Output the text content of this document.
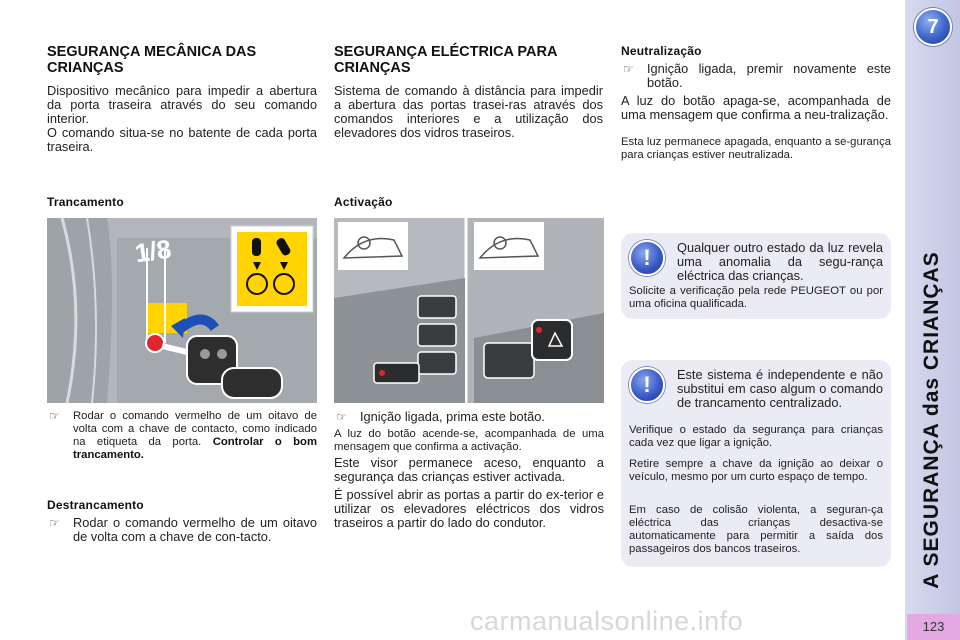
7
A SEGURANÇA das CRIANÇAS
123
SEGURANÇA MECÂNICA DAS CRIANÇAS
Dispositivo mecânico para impedir a abertura da porta traseira através do seu comando interior.
O comando situa-se no batente de cada porta traseira.
Trancamento
1/8
☞ Rodar o comando vermelho de um oitavo de volta com a chave de contacto, como indicado na etiqueta da porta. Controlar o bom trancamento.
Destrancamento
☞ Rodar o comando vermelho de um oitavo de volta com a chave de con-tacto.
SEGURANÇA ELÉCTRICA PARA CRIANÇAS
Sistema de comando à distância para impedir a abertura das portas trasei-ras através dos comandos interiores e a utilização dos elevadores dos vidros traseiros.
Activação
☞ Ignição ligada, prima este botão.
A luz do botão acende-se, acompanhada de uma mensagem que confirma a activação.
Este visor permanece aceso, enquanto a segurança das crianças estiver activada.
É possível abrir as portas a partir do ex-terior e utilizar os elevadores eléctricos dos vidros traseiros a partir do lado do condutor.
Neutralização
☞ Ignição ligada, premir novamente este botão.
A luz do botão apaga-se, acompanhada de uma mensagem que confirma a neu-tralização.
Esta luz permanece apagada, enquanto a se-gurança para crianças estiver neutralizada.
!	Qualquer outro estado da luz revela uma anomalia da segu-rança eléctrica das crianças.
Solicite a verificação pela rede PEUGEOT ou por uma oficina qualificada.
!	Este sistema é independente e não substitui em caso algum o comando de trancamento centralizado.
Verifique o estado da segurança para crianças cada vez que ligar a ignição.
Retire sempre a chave da ignição ao deixar o veículo, mesmo por um curto espaço de tempo.
Em caso de colisão violenta, a seguran-ça eléctrica das crianças desactiva-se automaticamente para permitir a saída dos passageiros dos bancos traseiros.
carmanualsonline.info
